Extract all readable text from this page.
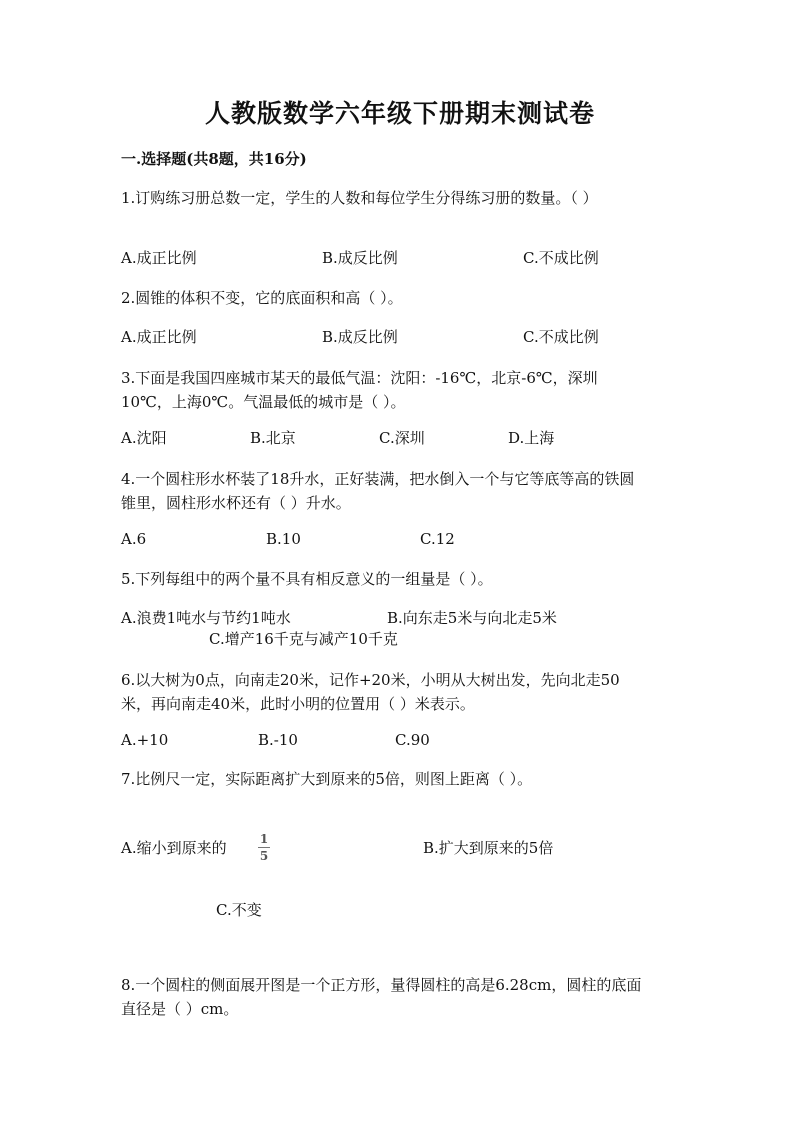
人教版数学六年级下册期末测试卷
一.选择题(共8题，共16分)
1.订购练习册总数一定，学生的人数和每位学生分得练习册的数量。（ ）
A.成正比例	B.成反比例	C.不成比例
2.圆锥的体积不变，它的底面积和高（ ）。
A.成正比例	B.成反比例	C.不成比例
3.下面是我国四座城市某天的最低气温：沈阳：-16℃，北京-6℃，深圳
10℃，上海0℃。气温最低的城市是（ ）。
A.沈阳	B.北京	C.深圳	D.上海
4.一个圆柱形水杯装了18升水，正好装满，把水倒入一个与它等底等高的铁圆
锥里，圆柱形水杯还有（ ）升水。
A.6	B.10	C.12
5.下列每组中的两个量不具有相反意义的一组量是（ ）。
A.浪费1吨水与节约1吨水	B.向东走5米与向北走5米
C.增产16千克与减产10千克
6.以大树为0点，向南走20米，记作+20米，小明从大树出发，先向北走50
米，再向南走40米，此时小明的位置用（ ）米表示。
A.+10	B.-10	C.90
7.比例尺一定，实际距离扩大到原来的5倍，则图上距离（ ）。
A.缩小到原来的	1
5	B.扩大到原来的5倍
C.不变
8.一个圆柱的侧面展开图是一个正方形，量得圆柱的高是6.28cm，圆柱的底面
直径是（ ）cm。
